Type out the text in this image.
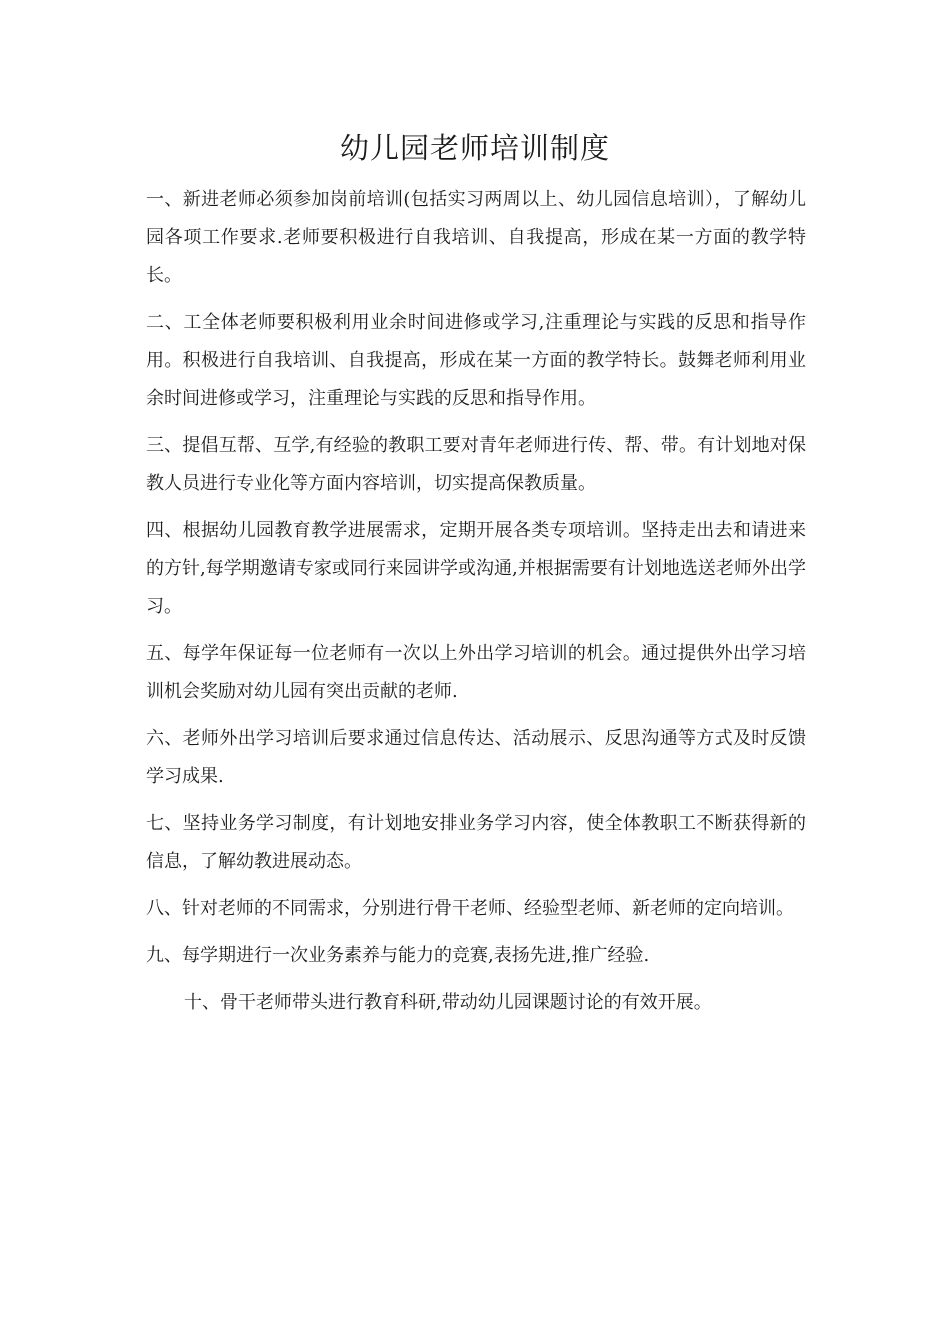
幼儿园老师培训制度

一、新进老师必须参加岗前培训(包括实习两周以上、幼儿园信息培训），了解幼儿园各项工作要求.老师要积极进行自我培训、自我提高，形成在某一方面的教学特长。

二、工全体老师要积极利用业余时间进修或学习,注重理论与实践的反思和指导作用。积极进行自我培训、自我提高，形成在某一方面的教学特长。鼓舞老师利用业余时间进修或学习，注重理论与实践的反思和指导作用。

三、提倡互帮、互学,有经验的教职工要对青年老师进行传、帮、带。有计划地对保教人员进行专业化等方面内容培训，切实提高保教质量。

四、根据幼儿园教育教学进展需求，定期开展各类专项培训。坚持走出去和请进来的方针,每学期邀请专家或同行来园讲学或沟通,并根据需要有计划地选送老师外出学习。

五、每学年保证每一位老师有一次以上外出学习培训的机会。通过提供外出学习培训机会奖励对幼儿园有突出贡献的老师.

六、老师外出学习培训后要求通过信息传达、活动展示、反思沟通等方式及时反馈学习成果.

七、坚持业务学习制度，有计划地安排业务学习内容，使全体教职工不断获得新的信息，了解幼教进展动态。

八、针对老师的不同需求，分别进行骨干老师、经验型老师、新老师的定向培训。

九、每学期进行一次业务素养与能力的竞赛,表扬先进,推广经验.

十、骨干老师带头进行教育科研,带动幼儿园课题讨论的有效开展。
